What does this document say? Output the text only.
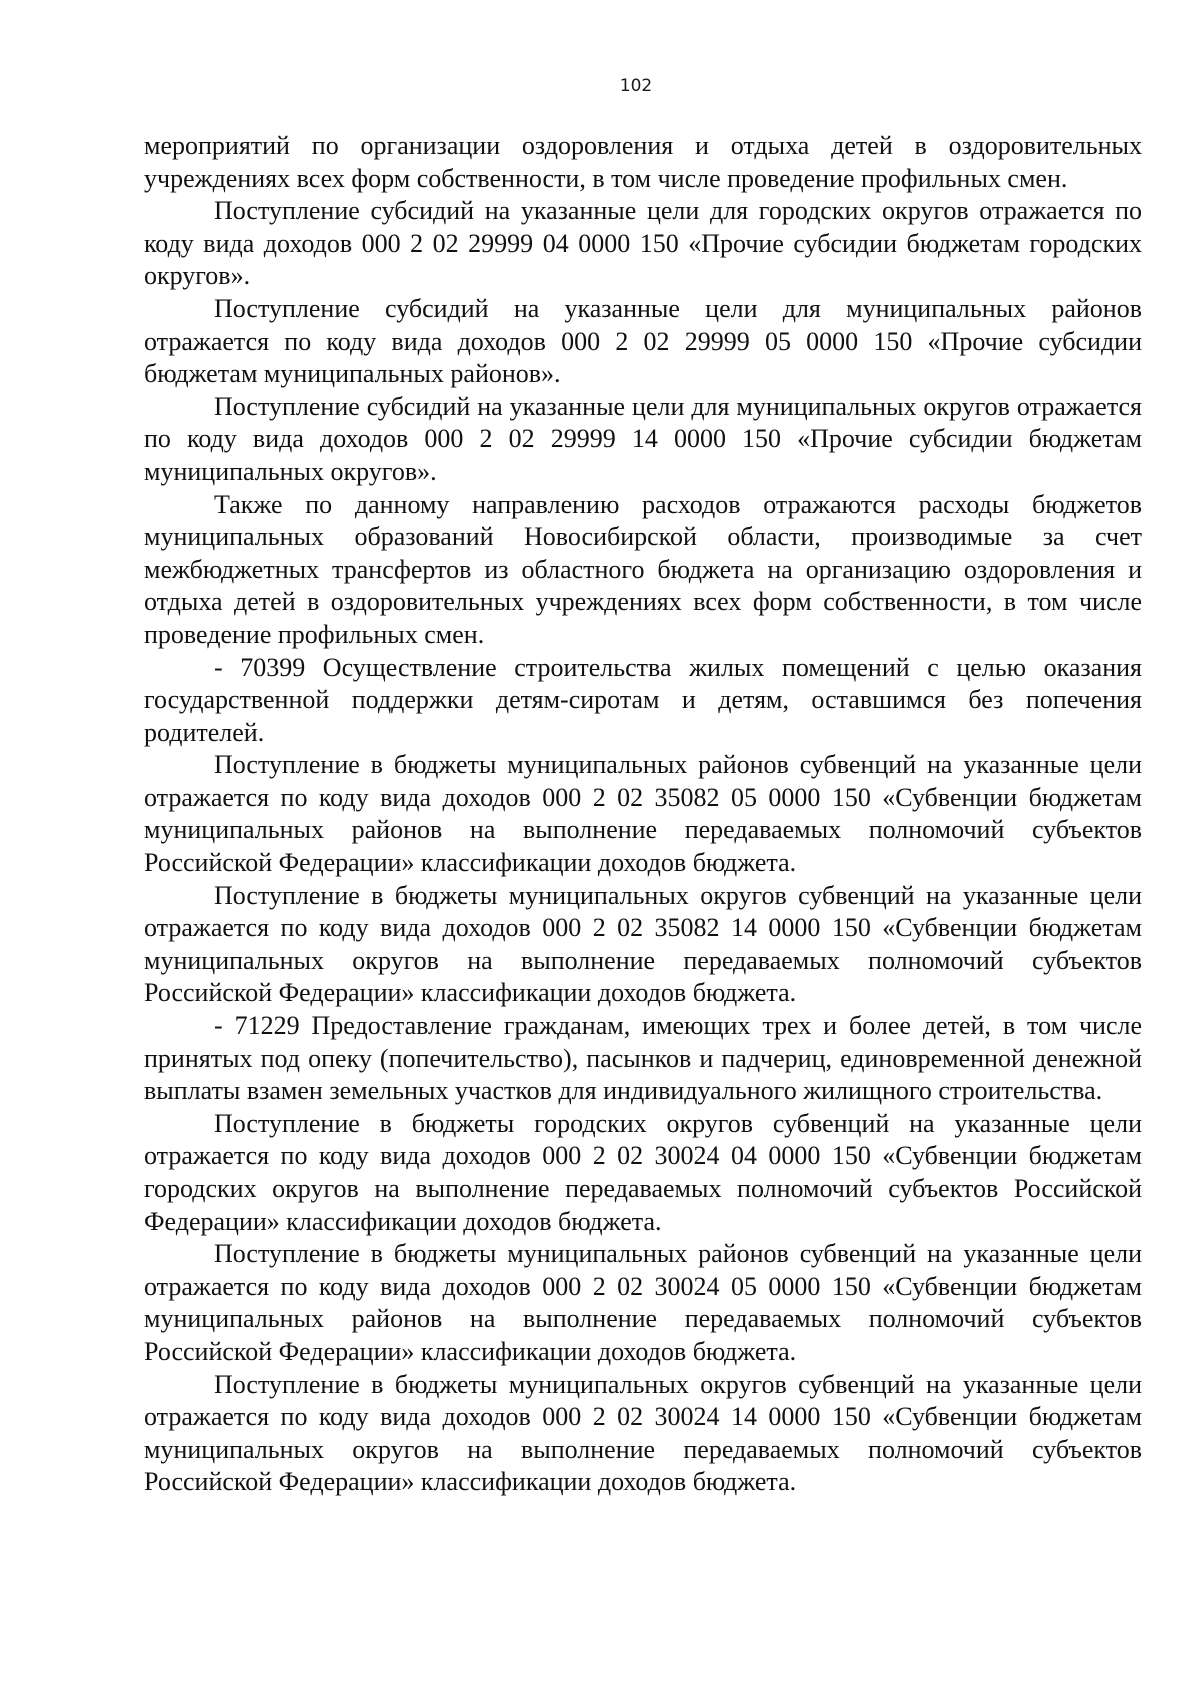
102

мероприятий по организации оздоровления и отдыха детей в оздоровительных учреждениях всех форм собственности, в том числе проведение профильных смен.

Поступление субсидий на указанные цели для городских округов отражается по коду вида доходов 000 2 02 29999 04 0000 150 «Прочие субсидии бюджетам городских округов».

Поступление субсидий на указанные цели для муниципальных районов отражается по коду вида доходов 000 2 02 29999 05 0000 150 «Прочие субсидии бюджетам муниципальных районов».

Поступление субсидий на указанные цели для муниципальных округов отражается по коду вида доходов 000 2 02 29999 14 0000 150 «Прочие субсидии бюджетам муниципальных округов».

Также по данному направлению расходов отражаются расходы бюджетов муниципальных образований Новосибирской области, производимые за счет межбюджетных трансфертов из областного бюджета на организацию оздоровления и отдыха детей в оздоровительных учреждениях всех форм собственности, в том числе проведение профильных смен.

- 70399 Осуществление строительства жилых помещений с целью оказания государственной поддержки детям-сиротам и детям, оставшимся без попечения родителей.

Поступление в бюджеты муниципальных районов субвенций на указанные цели отражается по коду вида доходов 000 2 02 35082 05 0000 150 «Субвенции бюджетам муниципальных районов на выполнение передаваемых полномочий субъектов Российской Федерации» классификации доходов бюджета.

Поступление в бюджеты муниципальных округов субвенций на указанные цели отражается по коду вида доходов 000 2 02 35082 14 0000 150 «Субвенции бюджетам муниципальных округов на выполнение передаваемых полномочий субъектов Российской Федерации» классификации доходов бюджета.

- 71229 Предоставление гражданам, имеющих трех и более детей, в том числе принятых под опеку (попечительство), пасынков и падчериц, единовременной денежной выплаты взамен земельных участков для индивидуального жилищного строительства.

Поступление в бюджеты городских округов субвенций на указанные цели отражается по коду вида доходов 000 2 02 30024 04 0000 150 «Субвенции бюджетам городских округов на выполнение передаваемых полномочий субъектов Российской Федерации» классификации доходов бюджета.

Поступление в бюджеты муниципальных районов субвенций на указанные цели отражается по коду вида доходов 000 2 02 30024 05 0000 150 «Субвенции бюджетам муниципальных районов на выполнение передаваемых полномочий субъектов Российской Федерации» классификации доходов бюджета.

Поступление в бюджеты муниципальных округов субвенций на указанные цели отражается по коду вида доходов 000 2 02 30024 14 0000 150 «Субвенции бюджетам муниципальных округов на выполнение передаваемых полномочий субъектов Российской Федерации» классификации доходов бюджета.
